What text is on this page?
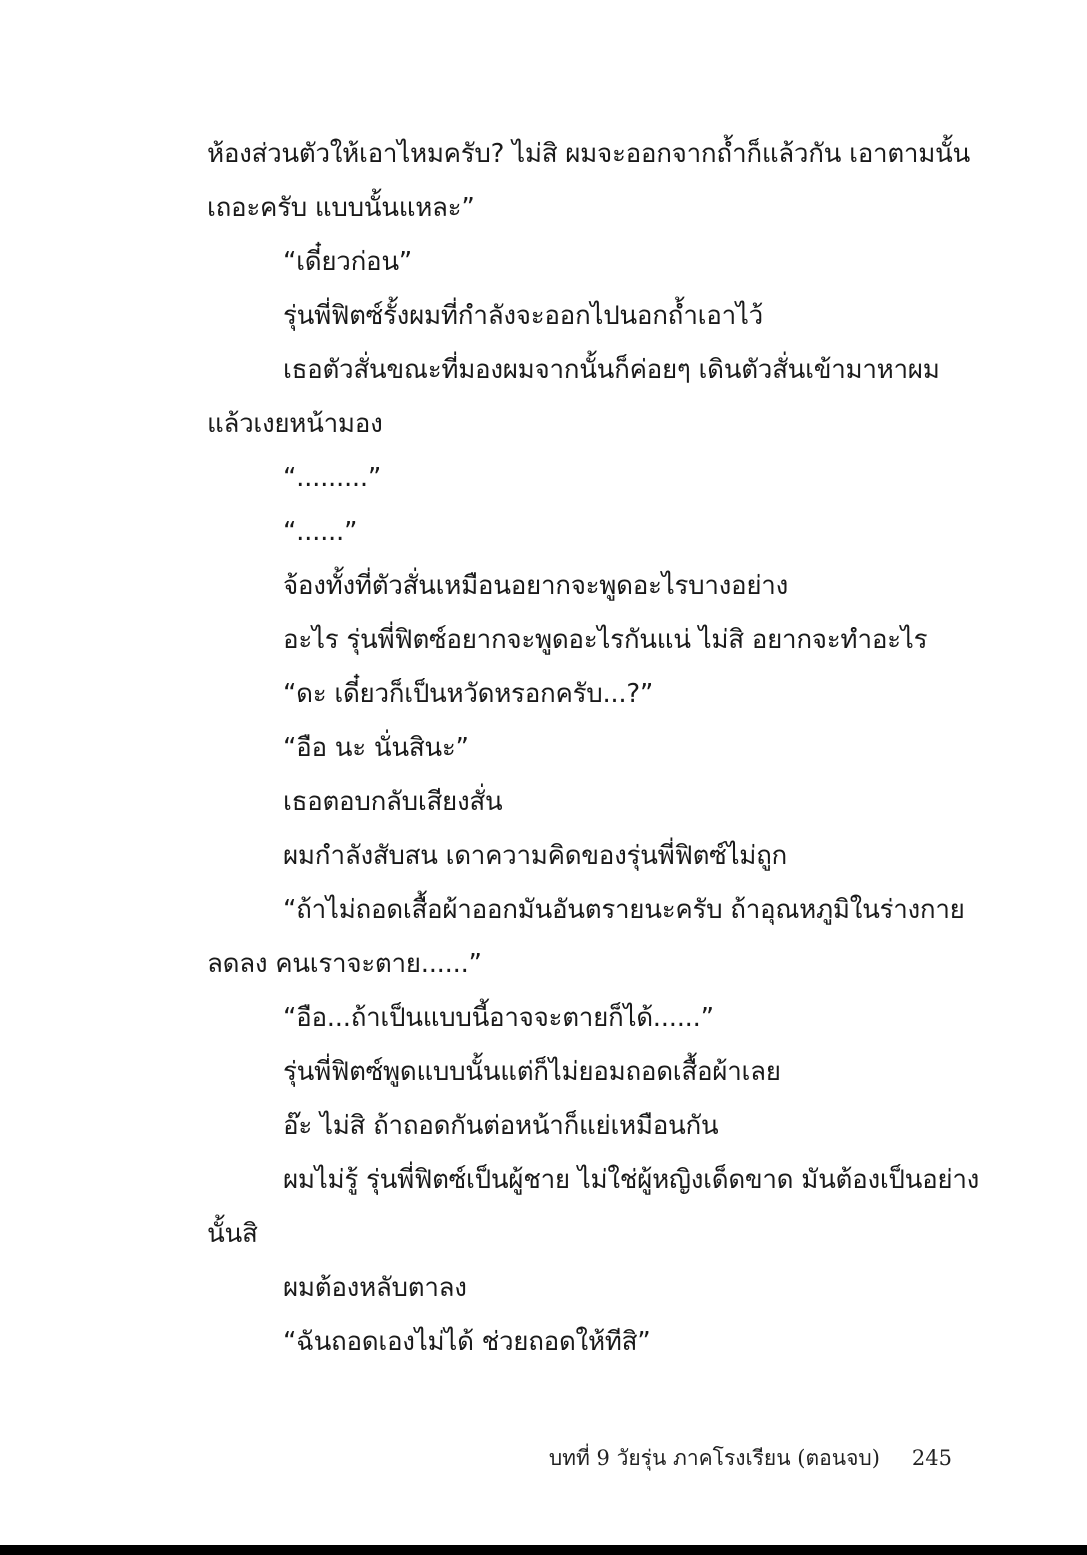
ห้องส่วนตัวให้เอาไหมครับ? ไม่สิ ผมจะออกจากถ้ำก็แล้วกัน เอาตามนั้น
เถอะครับ แบบนั้นแหละ”
“เดี๋ยวก่อน”
รุ่นพี่ฟิตซ์รั้งผมที่กำลังจะออกไปนอกถ้ำเอาไว้
เธอตัวสั่นขณะที่มองผมจากนั้นก็ค่อยๆ เดินตัวสั่นเข้ามาหาผม
แล้วเงยหน้ามอง
“.........”
“......”
จ้องทั้งที่ตัวสั่นเหมือนอยากจะพูดอะไรบางอย่าง
อะไร รุ่นพี่ฟิตซ์อยากจะพูดอะไรกันแน่ ไม่สิ อยากจะทำอะไร
“ดะ เดี๋ยวก็เป็นหวัดหรอกครับ...?”
“อือ นะ นั่นสินะ”
เธอตอบกลับเสียงสั่น
ผมกำลังสับสน เดาความคิดของรุ่นพี่ฟิตซ์ไม่ถูก
“ถ้าไม่ถอดเสื้อผ้าออกมันอันตรายนะครับ ถ้าอุณหภูมิในร่างกาย
ลดลง คนเราจะตาย......”
“อือ...ถ้าเป็นแบบนี้อาจจะตายก็ได้......”
รุ่นพี่ฟิตซ์พูดแบบนั้นแต่ก็ไม่ยอมถอดเสื้อผ้าเลย
อ๊ะ ไม่สิ ถ้าถอดกันต่อหน้าก็แย่เหมือนกัน
ผมไม่รู้ รุ่นพี่ฟิตซ์เป็นผู้ชาย ไม่ใช่ผู้หญิงเด็ดขาด มันต้องเป็นอย่าง
นั้นสิ
ผมต้องหลับตาลง
“ฉันถอดเองไม่ได้ ช่วยถอดให้ทีสิ”
บทที่ 9 วัยรุ่น ภาคโรงเรียน (ตอนจบ) 245
